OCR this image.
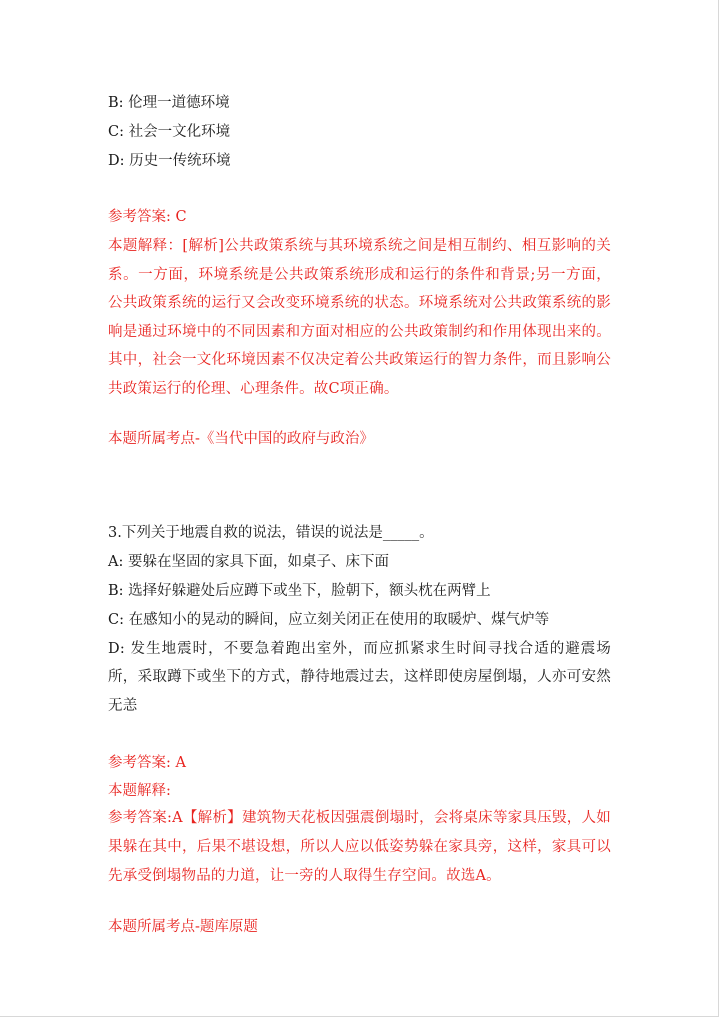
B: 伦理一道德环境
C: 社会一文化环境
D: 历史一传统环境
参考答案: C
本题解释：[解析]公共政策系统与其环境系统之间是相互制约、相互影响的关系。一方面，环境系统是公共政策系统形成和运行的条件和背景;另一方面，公共政策系统的运行又会改变环境系统的状态。环境系统对公共政策系统的影响是通过环境中的不同因素和方面对相应的公共政策制约和作用体现出来的。其中，社会一文化环境因素不仅决定着公共政策运行的智力条件，而且影响公共政策运行的伦理、心理条件。故C项正确。
本题所属考点-《当代中国的政府与政治》
3.下列关于地震自救的说法，错误的说法是_____。
A: 要躲在坚固的家具下面，如桌子、床下面
B: 选择好躲避处后应蹲下或坐下，脸朝下，额头枕在两臂上
C: 在感知小的晃动的瞬间，应立刻关闭正在使用的取暖炉、煤气炉等
D: 发生地震时，不要急着跑出室外，而应抓紧求生时间寻找合适的避震场所，采取蹲下或坐下的方式，静待地震过去，这样即使房屋倒塌，人亦可安然无恙
参考答案: A
本题解释:
参考答案:A【解析】建筑物天花板因强震倒塌时，会将桌床等家具压毁，人如果躲在其中，后果不堪设想，所以人应以低姿势躲在家具旁，这样，家具可以先承受倒塌物品的力道，让一旁的人取得生存空间。故选A。
本题所属考点-题库原题
